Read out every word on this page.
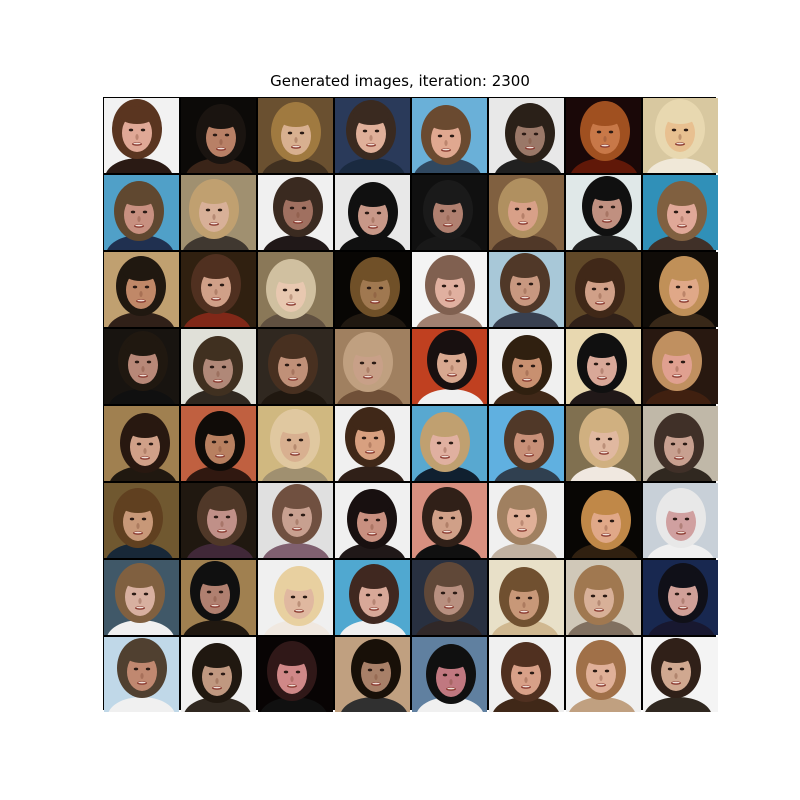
Generated images, iteration: 2300
